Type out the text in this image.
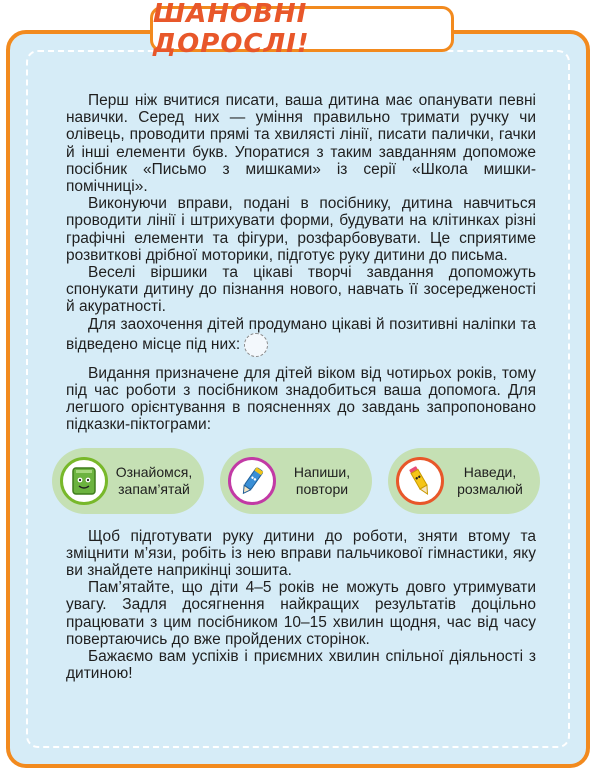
ШАНОВНІ ДОРОСЛІ!

Перш ніж вчитися писати, ваша дитина має опанувати певні навички. Серед них — уміння правильно тримати ручку чи олівець, проводити прямі та хвилясті лінії, писати палички, гачки й інші елементи букв. Упоратися з таким завданням допоможе посібник «Письмо з мишками» із серії «Школа мишки-помічниці».

Виконуючи вправи, подані в посібнику, дитина навчиться проводити лінії і штрихувати форми, будувати на клітинках різні графічні елементи та фігури, розфарбовувати. Це сприятиме розвиткові дрібної моторики, підготує руку дитини до письма.

Веселі віршики та цікаві творчі завдання допоможуть спонукати дитину до пізнання нового, навчать її зосередженості й акуратності.

Для заохочення дітей продумано цікаві й позитивні наліпки та відведено місце під них:

Видання призначене для дітей віком від чотирьох років, тому під час роботи з посібником знадобиться ваша допомога. Для легшого орієнтування в поясненнях до завдань запропоновано підказки-піктограми:

Ознайомся,
запам’ятай
Напиши,
повтори
Наведи,
розмалюй

Щоб підготувати руку дитини до роботи, зняти втому та зміцнити м’язи, робіть із нею вправи пальчикової гімнастики, яку ви знайдете наприкінці зошита.

Пам’ятайте, що діти 4–5 років не можуть довго утримувати увагу. Задля досягнення найкращих результатів доцільно працювати з цим посібником 10–15 хвилин щодня, час від часу повертаючись до вже пройдених сторінок.

Бажаємо вам успіхів і приємних хвилин спільної діяльності з дитиною!
